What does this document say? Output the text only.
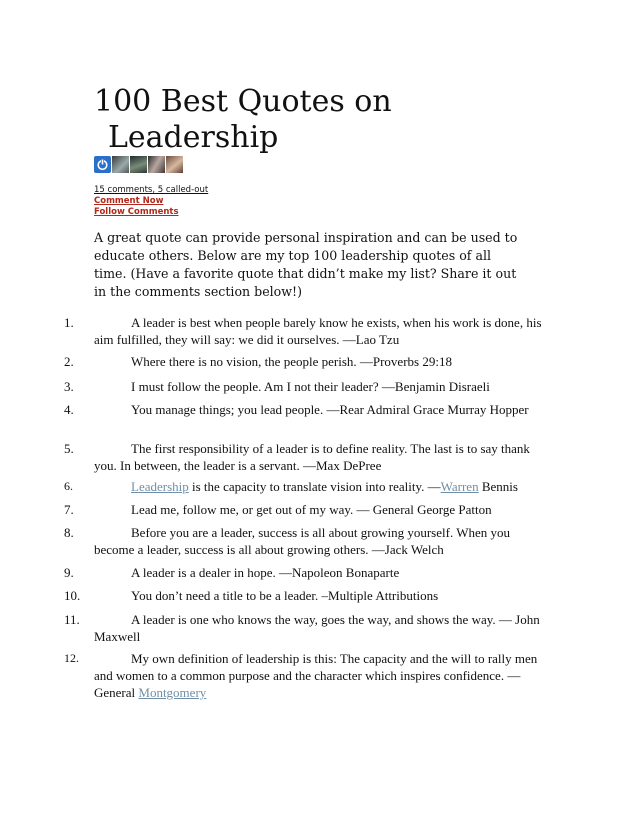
100 Best Quotes on
Leadership
15 comments, 5 called-out
Comment Now
Follow Comments

A great quote can provide personal inspiration and can be used to educate others. Below are my top 100 leadership quotes of all time. (Have a favorite quote that didn’t make my list? Share it out in the comments section below!)

1.	A leader is best when people barely know he exists, when his work is done, his aim fulfilled, they will say: we did it ourselves. —Lao Tzu
2.	Where there is no vision, the people perish. —Proverbs 29:18
3.	I must follow the people. Am I not their leader? —Benjamin Disraeli
4.	You manage things; you lead people. —Rear Admiral Grace Murray Hopper
5.	The first responsibility of a leader is to define reality. The last is to say thank you. In between, the leader is a servant. —Max DePree
6.	Leadership is the capacity to translate vision into reality. —Warren Bennis
7.	Lead me, follow me, or get out of my way. — General George Patton
8.	Before you are a leader, success is all about growing yourself. When you become a leader, success is all about growing others. —Jack Welch
9.	A leader is a dealer in hope. —Napoleon Bonaparte
10.	You don’t need a title to be a leader. –Multiple Attributions
11.	A leader is one who knows the way, goes the way, and shows the way. — John Maxwell
12.	My own definition of leadership is this: The capacity and the will to rally men and women to a common purpose and the character which inspires confidence. —General Montgomery
